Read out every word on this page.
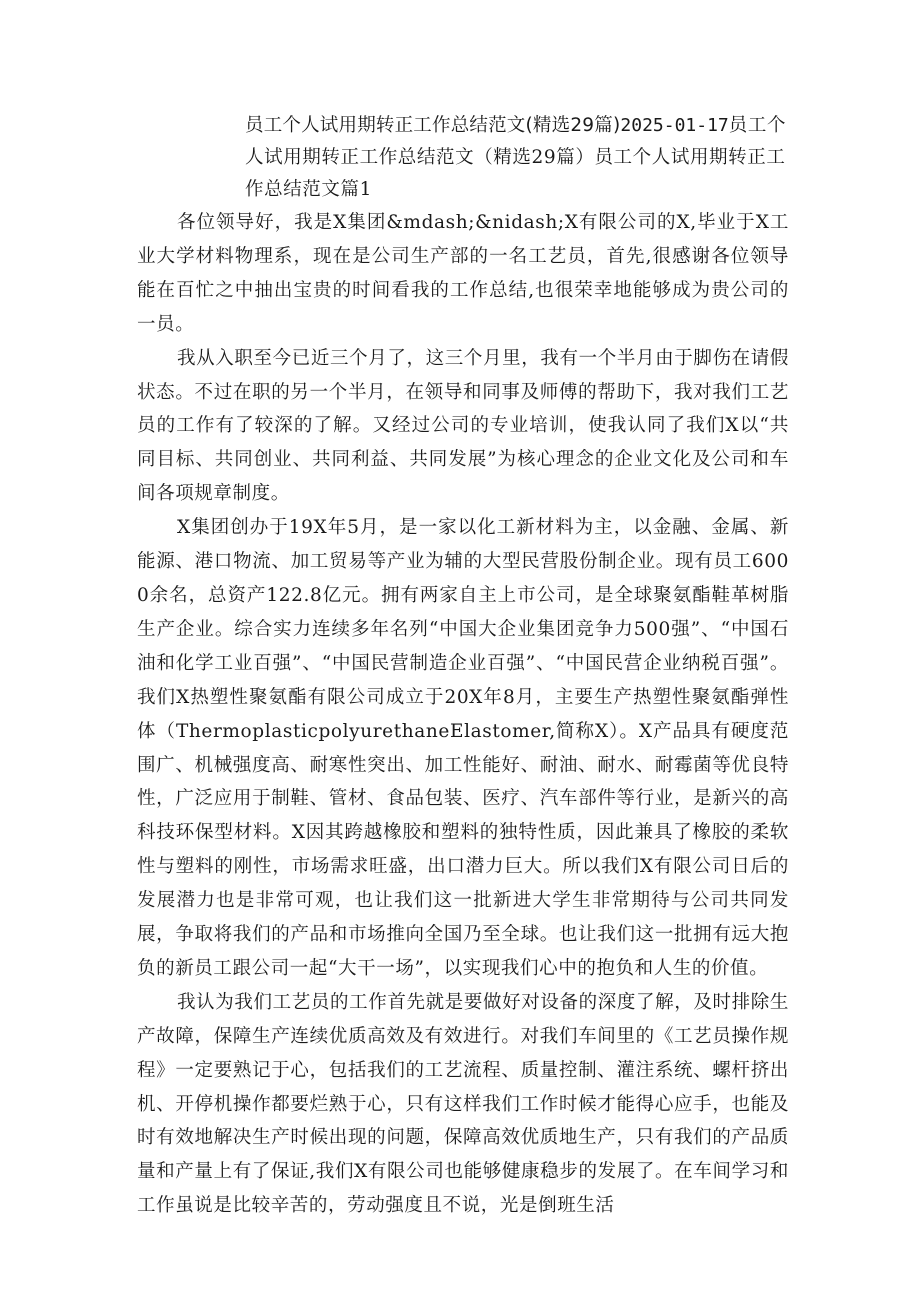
员工个人试用期转正工作总结范文(精选29篇)2025-01-17员工个人试用期转正工作总结范文（精选29篇）员工个人试用期转正工作总结范文篇1

各位领导好，我是X集团&mdash;&nidash;X有限公司的X,毕业于X工业大学材料物理系，现在是公司生产部的一名工艺员，首先,很感谢各位领导能在百忙之中抽出宝贵的时间看我的工作总结,也很荣幸地能够成为贵公司的一员。

我从入职至今已近三个月了，这三个月里，我有一个半月由于脚伤在请假状态。不过在职的另一个半月，在领导和同事及师傅的帮助下，我对我们工艺员的工作有了较深的了解。又经过公司的专业培训，使我认同了我们X以“共同目标、共同创业、共同利益、共同发展”为核心理念的企业文化及公司和车间各项规章制度。

X集团创办于19X年5月，是一家以化工新材料为主，以金融、金属、新能源、港口物流、加工贸易等产业为辅的大型民营股份制企业。现有员工6000余名，总资产122.8亿元。拥有两家自主上市公司，是全球聚氨酯鞋革树脂生产企业。综合实力连续多年名列“中国大企业集团竞争力500强”、“中国石油和化学工业百强”、“中国民营制造企业百强”、“中国民营企业纳税百强”。我们X热塑性聚氨酯有限公司成立于20X年8月，主要生产热塑性聚氨酯弹性体（ThermoplasticpolyurethaneElastomer,简称X）。X产品具有硬度范围广、机械强度高、耐寒性突出、加工性能好、耐油、耐水、耐霉菌等优良特性，广泛应用于制鞋、管材、食品包装、医疗、汽车部件等行业，是新兴的高科技环保型材料。X因其跨越橡胶和塑料的独特性质，因此兼具了橡胶的柔软性与塑料的刚性，市场需求旺盛，出口潜力巨大。所以我们X有限公司日后的发展潜力也是非常可观，也让我们这一批新进大学生非常期待与公司共同发展，争取将我们的产品和市场推向全国乃至全球。也让我们这一批拥有远大抱负的新员工跟公司一起“大干一场”，以实现我们心中的抱负和人生的价值。

我认为我们工艺员的工作首先就是要做好对设备的深度了解，及时排除生产故障，保障生产连续优质高效及有效进行。对我们车间里的《工艺员操作规程》一定要熟记于心，包括我们的工艺流程、质量控制、灌注系统、螺杆挤出机、开停机操作都要烂熟于心，只有这样我们工作时候才能得心应手，也能及时有效地解决生产时候出现的问题，保障高效优质地生产，只有我们的产品质量和产量上有了保证,我们X有限公司也能够健康稳步的发展了。在车间学习和工作虽说是比较辛苦的，劳动强度且不说，光是倒班生活
